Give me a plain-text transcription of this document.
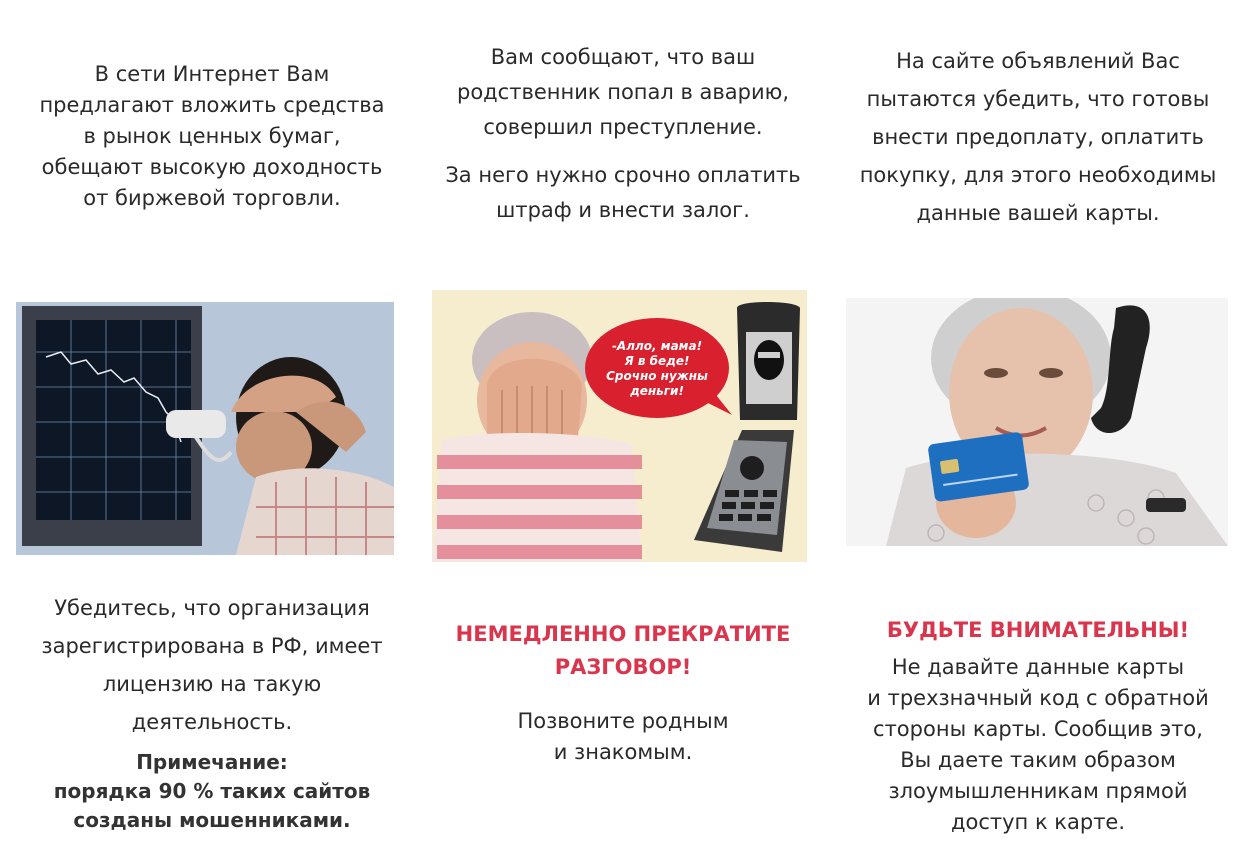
В сети Интернет Вам
предлагают вложить средства
в рынок ценных бумаг,
обещают высокую доходность
от биржевой торговли.
Убедитесь, что организация
зарегистрирована в РФ, имеет
лицензию на такую
деятельность.
Примечание:
порядка 90 % таких сайтов
созданы мошенниками.
Вам сообщают, что ваш
родственник попал в аварию,
совершил преступление.
За него нужно срочно оплатить
штраф и внести залог.
-Алло, мама!
Я в беде!
Срочно нужны
деньги!
НЕМЕДЛЕННО ПРЕКРАТИТЕ
РАЗГОВОР!
Позвоните родным
и знакомым.
На сайте объявлений Вас
пытаются убедить, что готовы
внести предоплату, оплатить
покупку, для этого необходимы
данные вашей карты.
БУДЬТЕ ВНИМАТЕЛЬНЫ!
Не давайте данные карты
и трехзначный код с обратной
стороны карты. Сообщив это,
Вы даете таким образом
злоумышленникам прямой
доступ к карте.
